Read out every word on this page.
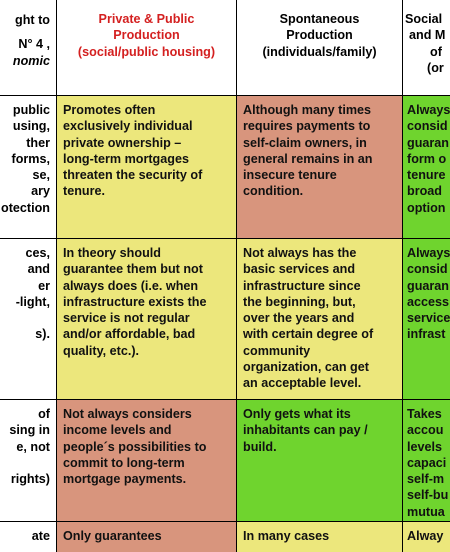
ght to
N° 4 ,
nomic
Private & Public
Production
(social/public housing)
Spontaneous
Production
(individuals/family)
Social
and M
of
(or
public
using,
ther
forms,
se,
ary
otection
Promotes often
exclusively individual
private ownership –
long-term mortgages
threaten the security of
tenure.
Although many times
requires payments to
self-claim owners, in
general remains in an
insecure tenure
condition.
Always
consid
guaran
form o
tenure
broad
option
ces,
and
er
-light,

s).
In theory should
guarantee them but not
always does (i.e. when
infrastructure exists the
service is not regular
and/or affordable, bad
quality, etc.).
Not always has the
basic services and
infrastructure since
the beginning, but,
over the years and
with certain degree of
community
organization, can get
an acceptable level.
Always
consid
guaran
access
service
infrast
of
sing in
e, not

rights)
Not always considers
income levels and
people´s possibilities to
commit to long-term
mortgage payments.
Only gets what its
inhabitants can pay /
build.
Takes
accou
levels
capaci
self-m
self-bu
mutua
ate Only guarantees	In many cases	Alway
